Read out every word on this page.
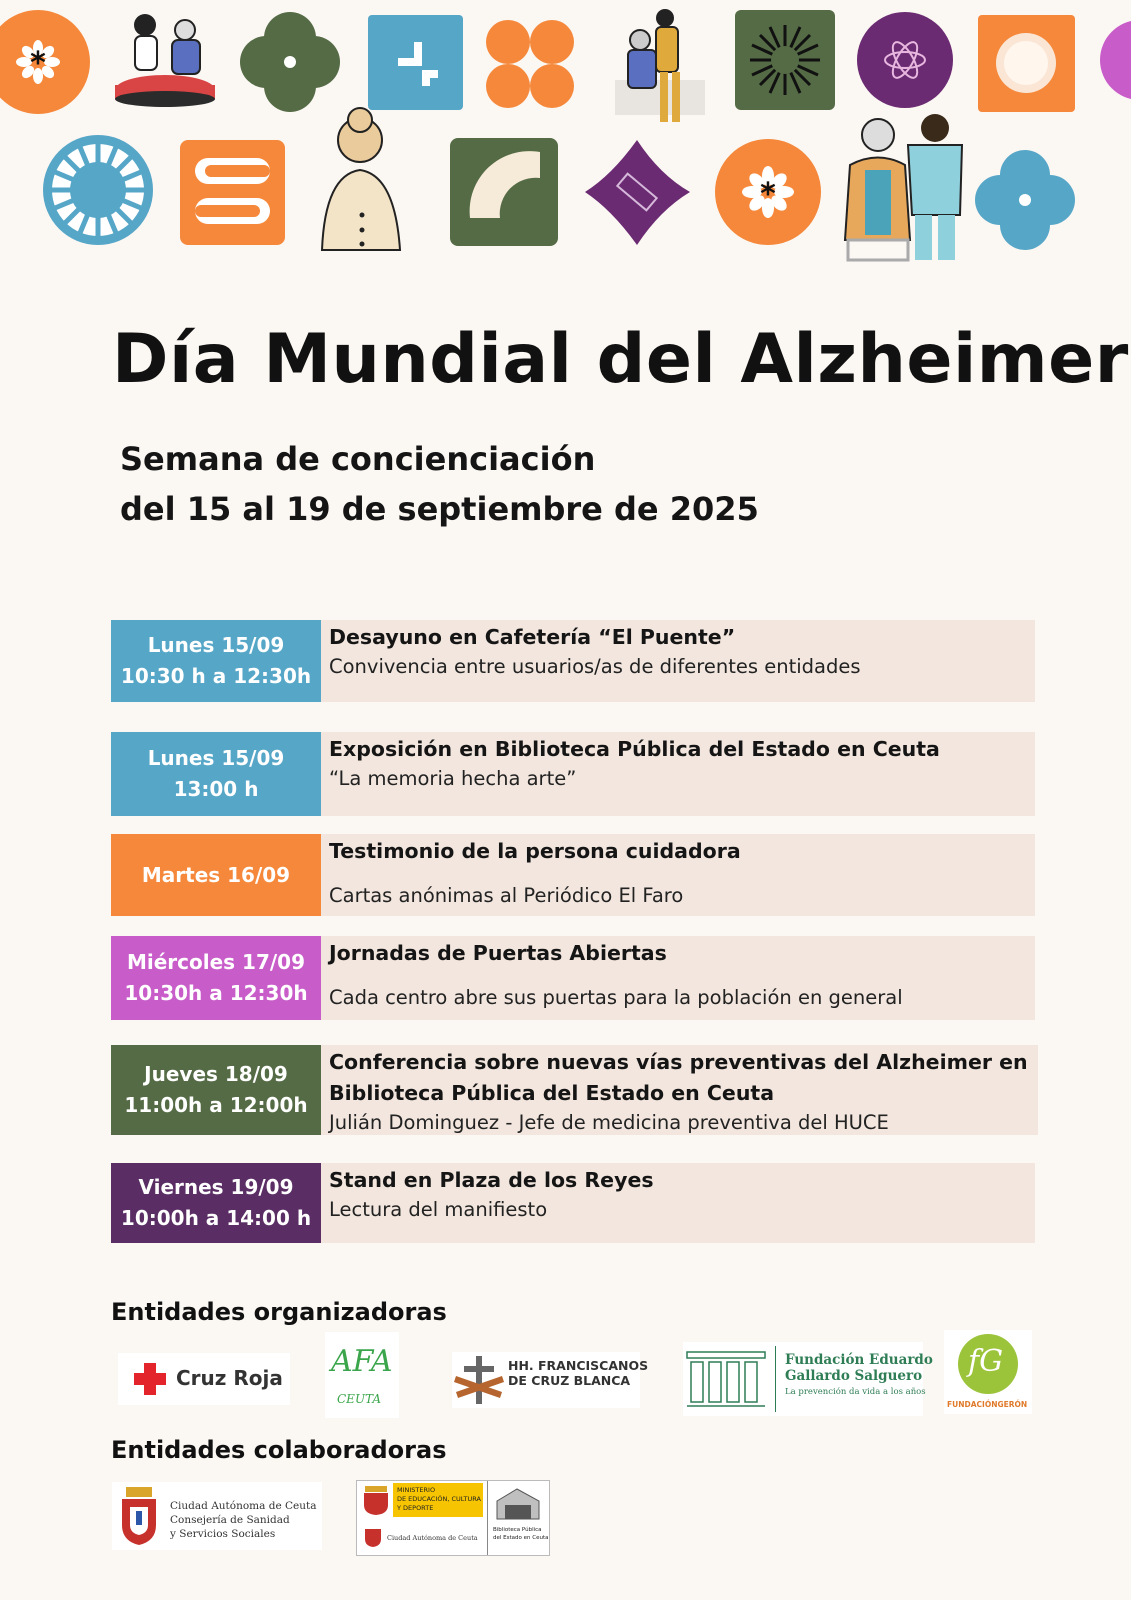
*
*
Día Mundial del Alzheimer
Semana de concienciación
del 15 al 19 de septiembre de 2025
Lunes 15/09
10:30 h a 12:30h
Desayuno en Cafetería “El Puente”
Convivencia entre usuarios/as de diferentes entidades
Lunes 15/09
13:00 h
Exposición en Biblioteca Pública del Estado en Ceuta
“La memoria hecha arte”
Martes 16/09
Testimonio de la persona cuidadora
Cartas anónimas al Periódico El Faro
Miércoles 17/09
10:30h a 12:30h
Jornadas de Puertas Abiertas
Cada centro abre sus puertas para la población en general
Jueves 18/09
11:00h a 12:00h
Conferencia sobre nuevas vías preventivas del Alzheimer en
Biblioteca Pública del Estado en Ceuta
Julián Dominguez - Jefe de medicina preventiva del HUCE
Viernes 19/09
10:00h a 14:00 h
Stand en Plaza de los Reyes
Lectura del manifiesto
Entidades organizadoras
Cruz Roja AFA
CEUTA
HH. FRANCISCANOS
DE CRUZ BLANCA
Fundación Eduardo
Gallardo Salguero
La prevención da vida a los años
fG
FUNDACIÓNGERÓN
Entidades colaboradoras
Ciudad Autónoma de Ceuta
Consejería de Sanidad
y Servicios Sociales
MINISTERIO
DE EDUCACIÓN, CULTURA
Y DEPORTE
Ciudad Autónoma de Ceuta
Biblioteca Pública
del Estado en Ceuta
